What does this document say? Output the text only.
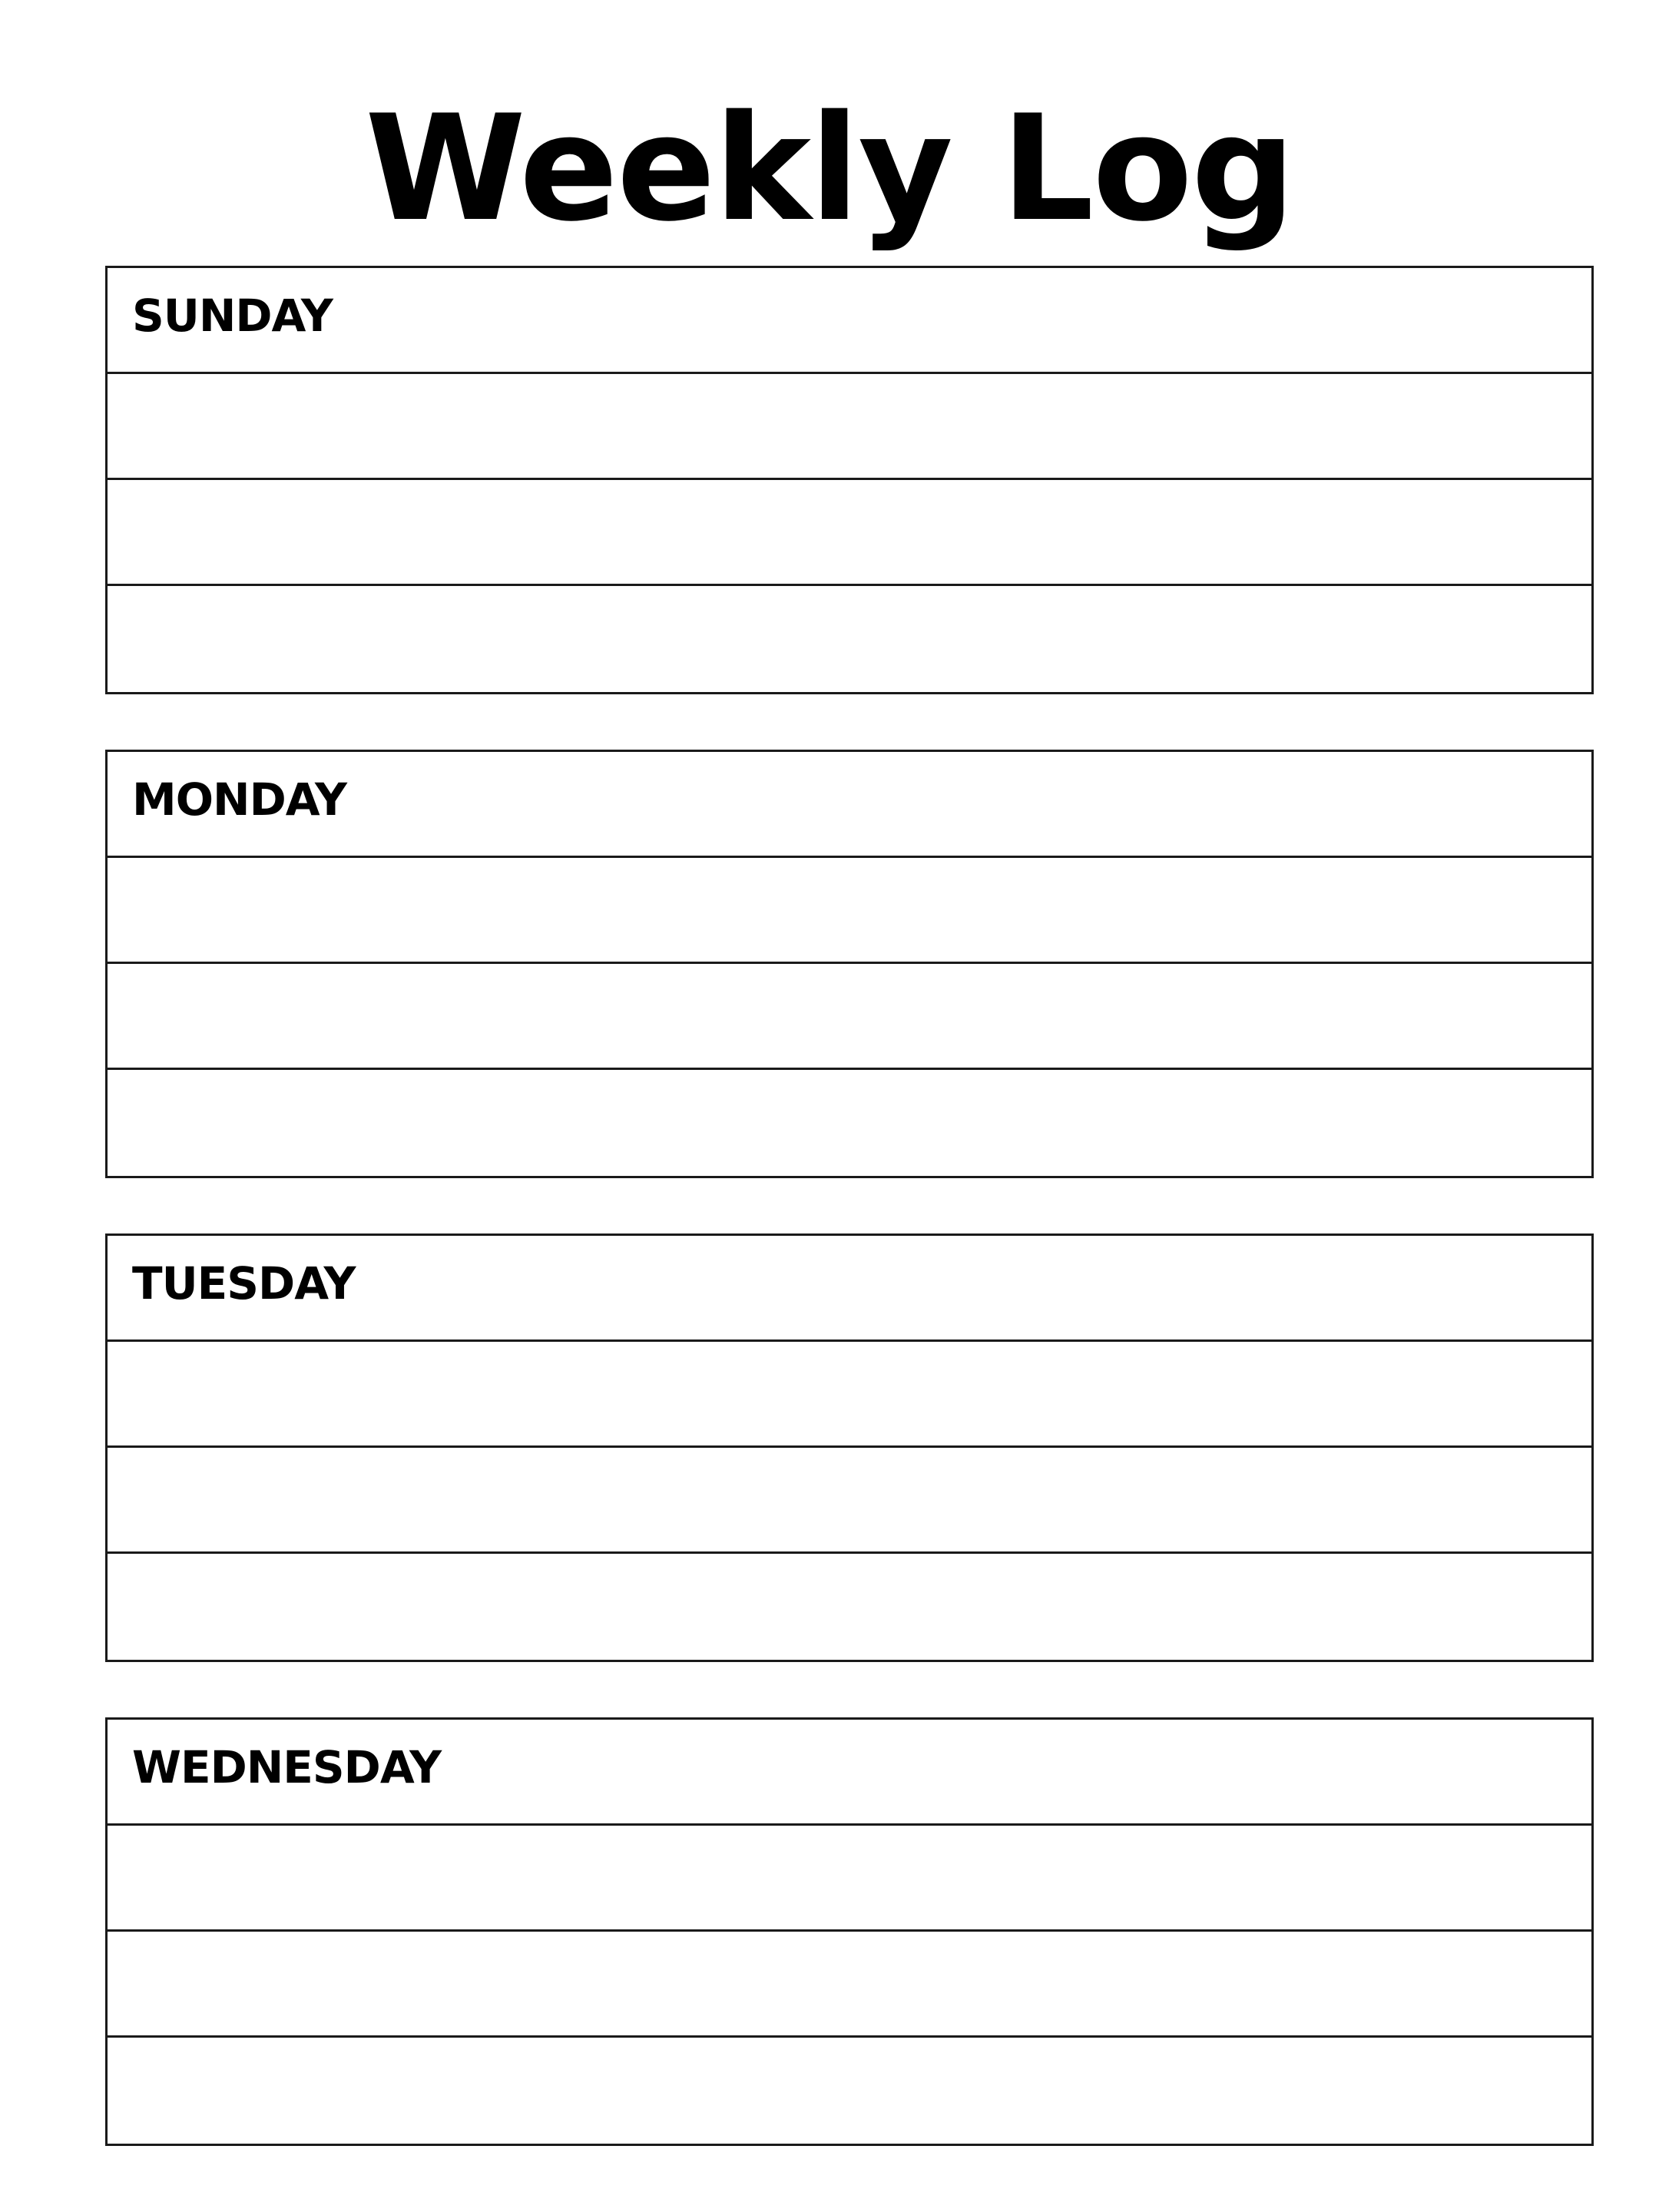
Weekly Log
SUNDAY
MONDAY
TUESDAY
WEDNESDAY
